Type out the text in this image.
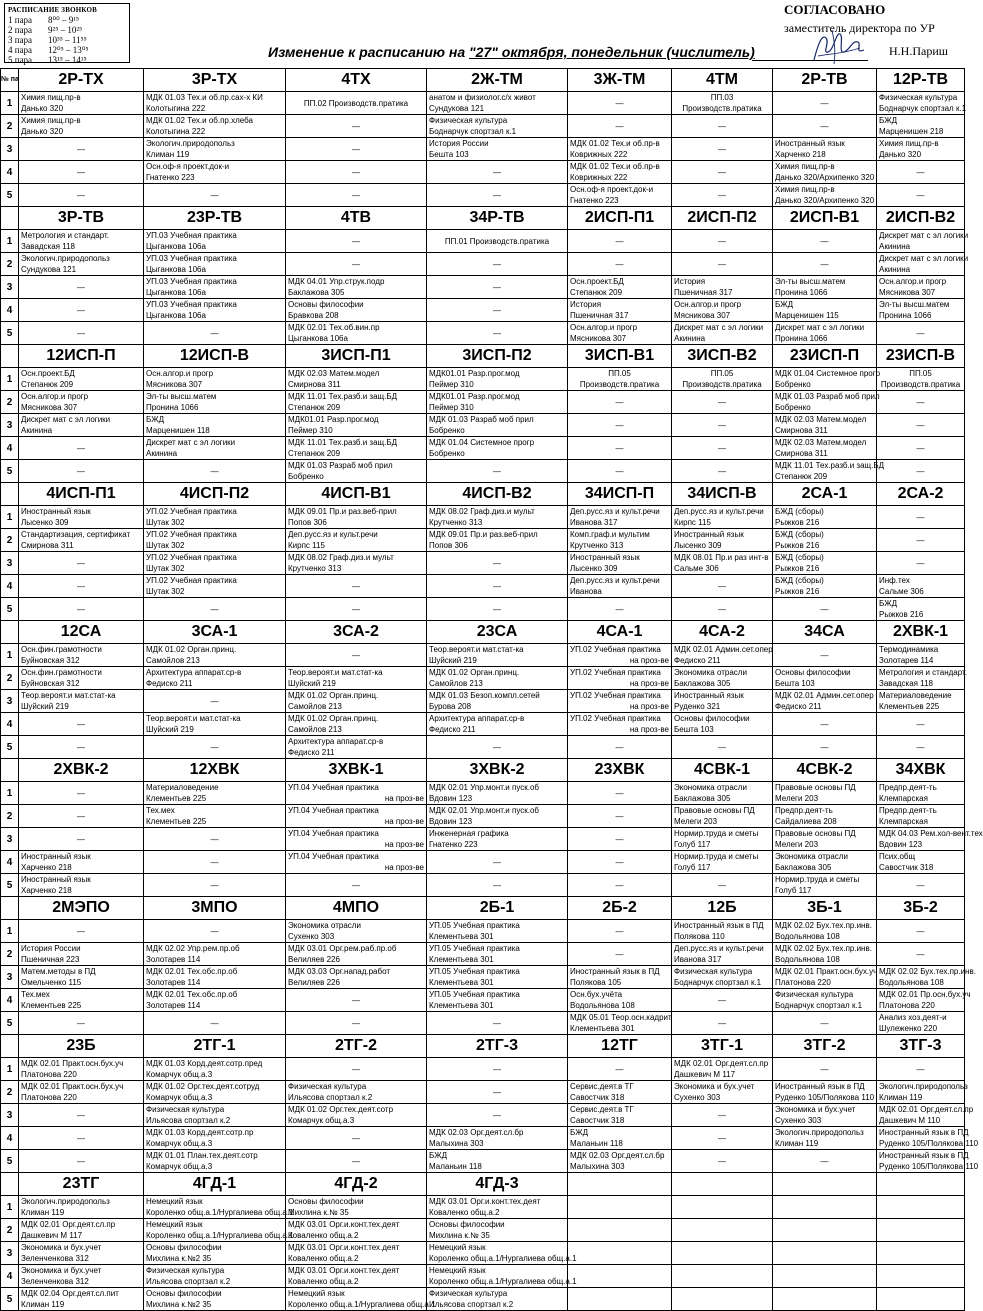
РАСПИСАНИЕ ЗВОНКОВ
1 пара	8⁰⁰ – 9¹⁵
2 пара	9²⁵ – 10²⁵
3 пара	10³⁵ – 11⁵⁵
4 пара	12⁰⁵ – 13⁰⁵
5 пара	13¹⁵ – 14¹⁵
СОГЛАСОВАНО
заместитель директора по УР
Н.Н.Париш
Изменение к расписанию на "27" октября, понедельник (числитель)
№ па	2Р-ТХ	3Р-ТХ	4ТХ	2Ж-ТМ	3Ж-ТМ	4ТМ	2Р-ТВ	12Р-ТВ
1	Химия пищ.пр-в
Данько 320	МДК 01.03 Тех.и об.пр.сах-х КИ
Колотыгина 222	ПП.02 Производств.пратика	анатом и физиолог.с/х живот
Сундукова 121	—	ПП.03
Производств.пратика	—	Физическая культура
Боднарчук спортзал к.1

2	Химия пищ.пр-в
Данько 320	МДК 01.02 Тех.и об.пр.хлеба
Колотыгина 222	—	Физическая культура
Боднарчук спортзал к.1	—	—	—	БЖД
Марценишен 218

3	—	Экологич.природопольз
Климан 119	—	История России
Бешта 103	МДК 01.02 Тех.и об.пр-в
Коврижных 222	—	Иностранный язык
Харченко 218	Химия пищ.пр-в
Данько 320

4	—	Осн.оф-я проект.док-и
Гнатенко 223	—	—	МДК 01.02 Тех.и об.пр-в
Коврижных 222	—	Химия пищ.пр-в
Данько 320/Архипенко 320	—

5	—	—	—	—	Осн.оф-я проект.док-и
Гнатенко 223	—	Химия пищ.пр-в
Данько 320/Архипенко 320	—

	3Р-ТВ	23Р-ТВ	4ТВ	34Р-ТВ	2ИСП-П1	2ИСП-П2	2ИСП-В1	2ИСП-В2
1	Метрология и стандарт.
Завадская 118	УП.03 Учебная практика
Цыганкова 106а	—	ПП.01 Производств.пратика	—	—	—	Дискрет мат с эл логики
Акинина

2	Экологич.природопольз
Сундукова 121	УП.03 Учебная практика
Цыганкова 106а	—	—	—	—	—	Дискрет мат с эл логики
Акинина

3	—	УП.03 Учебная практика
Цыганкова 106а	МДК 04.01 Упр.струк.подр
Баклажова 305	—	Осн.проект.БД
Степанюк 209	История
Пшеничная 317	Эл-ты высш.матем
Пронина 1066	Осн.алгор.и прогр
Мясникова 307

4	—	УП.03 Учебная практика
Цыганкова 106а	Основы философии
Бравкова 208	—	История
Пшеничная 317	Осн.алгор.и прогр
Мясникова 307	БЖД
Марценишен 115	Эл-ты высш.матем
Пронина 1066

5	—	—	МДК 02.01 Тех.об.вин.пр
Цыганкова 106а	—	Осн.алгор.и прогр
Мясникова 307	Дискрет мат с эл логики
Акинина	Дискрет мат с эл логики
Пронина 1066	—

	12ИСП-П	12ИСП-В	3ИСП-П1	3ИСП-П2	3ИСП-В1	3ИСП-В2	23ИСП-П	23ИСП-В
1	Осн.проект.БД
Степанюк 209	Осн.алгор.и прогр
Мясникова 307	МДК 02.03 Матем.модел
Смирнова 311	МДК01.01 Разр.прог.мод
Пеймер 310	ПП.05
Производств.пратика	ПП.05
Производств.пратика	МДК 01.04 Системное прогр
Бобренко	ПП.05
Производств.пратика

2	Осн.алгор.и прогр
Мясникова 307	Эл-ты высш.матем
Пронина 1066	МДК 11.01 Тех.разб.и защ.БД
Степанюк 209	МДК01.01 Разр.прог.мод
Пеймер 310	—	—	МДК 01.03 Разраб моб прил
Бобренко	—

3	Дискрет мат с эл логики
Акинина	БЖД
Марценишен 118	МДК01.01 Разр.прог.мод
Пеймер 310	МДК 01.03 Разраб моб прил
Бобренко	—	—	МДК 02.03 Матем.модел
Смирнова 311	—

4	—	Дискрет мат с эл логики
Акинина	МДК 11.01 Тех.разб.и защ.БД
Степанюк 209	МДК 01.04 Системное прогр
Бобренко	—	—	МДК 02.03 Матем.модел
Смирнова 311	—

5	—	—	МДК 01.03 Разраб моб прил
Бобренко	—	—	—	МДК 11.01 Тех.разб.и защ.БД
Степанюк 209	—

	4ИСП-П1	4ИСП-П2	4ИСП-В1	4ИСП-В2	34ИСП-П	34ИСП-В	2СА-1	2СА-2
1	Иностранный язык
Лысенко 309	УП.02 Учебная практика
Шутак 302	МДК 09.01 Пр.и раз.веб-прил
Попов 306	МДК 08.02 Граф.диз.и мульт
Крутченко 313	Деп.русс.яз и культ.речи
Иванова 317	Деп.русс.яз и культ.речи
Кирпс 115	БЖД (сборы)
Рыжков 216	—

2	Стандартизация, сертификат
Смирнова 311	УП.02 Учебная практика
Шутак 302	Деп.русс.яз и культ.речи
Кирпс 115	МДК 09.01 Пр.и раз.веб-прил
Попов 306	Комп.граф.и мультим
Крутченко 313	Иностранный язык
Лысенко 309	БЖД (сборы)
Рыжков 216	—

3	—	УП.02 Учебная практика
Шутак 302	МДК 08.02 Граф.диз.и мульт
Крутченко 313	—	Иностранный язык
Лысенко 309	МДК 08.01 Пр.и раз инт-в
Сальме 306	БЖД (сборы)
Рыжков 216	—

4	—	УП.02 Учебная практика
Шутак 302	—	—	Деп.русс.яз и культ.речи
Иванова	—	БЖД (сборы)
Рыжков 216	Инф.тех
Сальме 306

5	—	—	—	—	—	—	—	БЖД
Рыжков 216

	12СА	3СА-1	3СА-2	23СА	4СА-1	4СА-2	34СА	2ХВК-1
1	Осн.фин.грамотности
Буйновская 312	МДК 01.02 Орган.принц.
Самойлов 213	—	Теор.вероят.и мат.стат-ка
Шуйский 219	УП.02 Учебная практика
на проз-ве	МДК 02.01 Админ.сет.опер
Федиско 211	—	Термодинамика
Золотарев 114

2	Осн.фин.грамотности
Буйновская 312	Архитектура аппарат.ср-в
Федиско 211	Теор.вероят.и мат.стат-ка
Шуйский 219	МДК 01.02 Орган.принц.
Самойлов 213	УП.02 Учебная практика
на проз-ве	Экономика отрасли
Баклажова 305	Основы философии
Бешта 103	Метрология и стандарт.
Завадская 118

3	Теор.вероят.и мат.стат-ка
Шуйский 219	—	МДК 01.02 Орган.принц.
Самойлов 213	МДК 01.03 Безоп.компл.сетей
Бурова 208	УП.02 Учебная практика
на проз-ве	Иностранный язык
Руденко 321	МДК 02.01 Админ.сет.опер
Федиско 211	Материаловедение
Клементьев 225

4	—	Теор.вероят.и мат.стат-ка
Шуйский 219	МДК 01.02 Орган.принц.
Самойлов 213	Архитектура аппарат.ср-в
Федиско 211	УП.02 Учебная практика
на проз-ве	Основы философии
Бешта 103	—	—

5	—	—	Архитектура аппарат.ср-в
Федиско 211	—	—	—	—	—

	2ХВК-2	12ХВК	3ХВК-1	3ХВК-2	23ХВК	4СВК-1	4СВК-2	34ХВК
1	—	Материаловедение
Клементьев 225	УП.04 Учебная практика
на проз-ве	МДК 02.01 Упр.монт.и пуск.об
Вдовин 123	—	Экономика отрасли
Баклажова 305	Правовые основы ПД
Мелеги 203	Предпр.деят-ть
Клемпарская

2	—	Тех.мех
Клементьев 225	УП.04 Учебная практика
на проз-ве	МДК 02.01 Упр.монт.и пуск.об
Вдовин 123	—	Правовые основы ПД
Мелеги 203	Предпр.деят-ть
Сайдалиева 208	Предпр.деят-ть
Клемпарская

3	—	—	УП.04 Учебная практика
на проз-ве	Инженерная графика
Гнатенко 223	—	Нормир.труда и сметы
Голуб 117	Правовые основы ПД
Мелеги 203	МДК 04.03 Рем.хол-вент.тех
Вдовин 123

4	Иностранный язык
Харченко 218	—	УП.04 Учебная практика
на проз-ве	—	—	Нормир.труда и сметы
Голуб 117	Экономика отрасли
Баклажова 305	Псих.общ
Савостчик 318

5	Иностранный язык
Харченко 218	—	—	—	—	—	Нормир.труда и сметы
Голуб 117	—

	2МЭПО	3МПО	4МПО	2Б-1	2Б-2	12Б	3Б-1	3Б-2
1	—	—	Экономика отрасли
Сухенко 303	УП.05 Учебная практика
Клементьева 301	—	Иностранный язык в ПД
Полякова 110	МДК 02.02 Бух.тех.пр.инв.
Водольянова 108	—

2	История России
Пшеничная 223	МДК 02.02 Упр.рем.пр.об
Золотарев 114	МДК 03.01 Орг.рем.раб.пр.об
Велиляев 226	УП.05 Учебная практика
Клементьева 301	—	Деп.русс.яз и культ.речи
Иванова 317	МДК 02.02 Бух.тех.пр.инв.
Водольянова 108	—

3	Матем.методы в ПД
Омельченко 115	МДК 02.01 Тех.обс.пр.об
Золотарев 114	МДК 03.03 Орг.напад.работ
Велиляев 226	УП.05 Учебная практика
Клементьева 301	Иностранный язык в ПД
Полякова 105	Физическая культура
Боднарчук спортзал к.1	МДК 02.01 Практ.осн.бух.уч
Платонова 220	МДК 02.02 Бух.тех.пр.инв.
Водольянова 108

4	Тех.мех
Клементьев 225	МДК 02.01 Тех.обс.пр.об
Золотарев 114	—	УП.05 Учебная практика
Клементьева 301	Осн.бух.учёта
Водольянова 108	—	Физическая культура
Боднарчук спортзал к.1	МДК 02.01 Пр.осн.бух.уч
Платонова 220

5	—	—	—	—	МДК 05.01 Теор.осн.кадрит
Клементьева 301	—	—	Анализ хоз.деят-и
Шулеженко 220

	23Б	2ТГ-1	2ТГ-2	2ТГ-3	12ТГ	3ТГ-1	3ТГ-2	3ТГ-3
1	МДК 02.01 Практ.осн.бух.уч
Платонова 220	МДК 01.03 Корд.деят.сотр.пред
Комарчук общ.а.3	—	—	—	МДК 02.01 Орг.деят.сл.пр
Дашкевич М 117	—	—

2	МДК 02.01 Практ.осн.бух.уч
Платонова 220	МДК 01.02 Орг.тех.деят.сотруд
Комарчук общ.а.3	Физическая культура
Ильясова спортзал к.2	—	Сервис.деят.в ТГ
Савостчик 318	Экономика и бух.учет
Сухенко 303	Иностранный язык в ПД
Руденко 105/Полякова 110	Экологич.природопольз
Климан 119

3	—	Физическая культура
Ильясова спортзал к.2	МДК 01.02 Орг.тех.деят.сотр
Комарчук общ.а.3	—	Сервис.деят.в ТГ
Савостчик 318	—	Экономика и бух.учет
Сухенко 303	МДК 02.01 Орг.деят.сл.пр
Дашкевич М 110

4	—	МДК 01.03 Корд.деят.сотр.пр
Комарчук общ.а.3	—	МДК 02.03 Орг.деят.сл.бр
Малыхина 303	БЖД
Маланьин 118	—	Экологич.природопольз
Климан 119	Иностранный язык в ПД
Руденко 105/Полякова 110

5	—	МДК 01.01 План.тех.деят.сотр
Комарчук общ.а.3	—	БЖД
Маланьин 118	МДК 02.03 Орг.деят.сл.бр
Малыхина 303	—	—	Иностранный язык в ПД
Руденко 105/Полякова 110

	23ТГ	4ГД-1	4ГД-2	4ГД-3				
1	Экологич.природопольз
Климан 119	Немецкий язык
Короленко общ.а.1/Нургалиева общ.а.1	Основы философии
Михлина к.№ 35	МДК 03.01 Орг.и.конт.тех.деят
Коваленко общ.а.2				

2	МДК 02.01 Орг.деят.сл.пр
Дашкевич М 117	Немецкий язык
Короленко общ.а.1/Нургалиева общ.а.1	МДК 03.01 Орг.и.конт.тех.деят
Коваленко общ.а.2	Основы философии
Михлина к.№ 35				

3	Экономика и бух.учет
Зеленченкова 312	Основы философии
Михлина к.№2 35	МДК 03.01 Орг.и.конт.тех.деят
Коваленко общ.а.2	Немецкий язык
Короленко общ.а.1/Нургалиева общ.а.1				

4	Экономика и бух.учет
Зеленченкова 312	Физическая культура
Ильясова спортзал к.2	МДК 03.01 Орг.и.конт.тех.деят
Коваленко общ.а.2	Немецкий язык
Короленко общ.а.1/Нургалиева общ.а.1				

5	МДК 02.04 Орг.деят.сл.пит
Климан 119	Основы философии
Михлина к.№2 35	Немецкий язык
Короленко общ.а.1/Нургалиева общ.а.1	Физическая культура
Ильясова спортзал к.2				
